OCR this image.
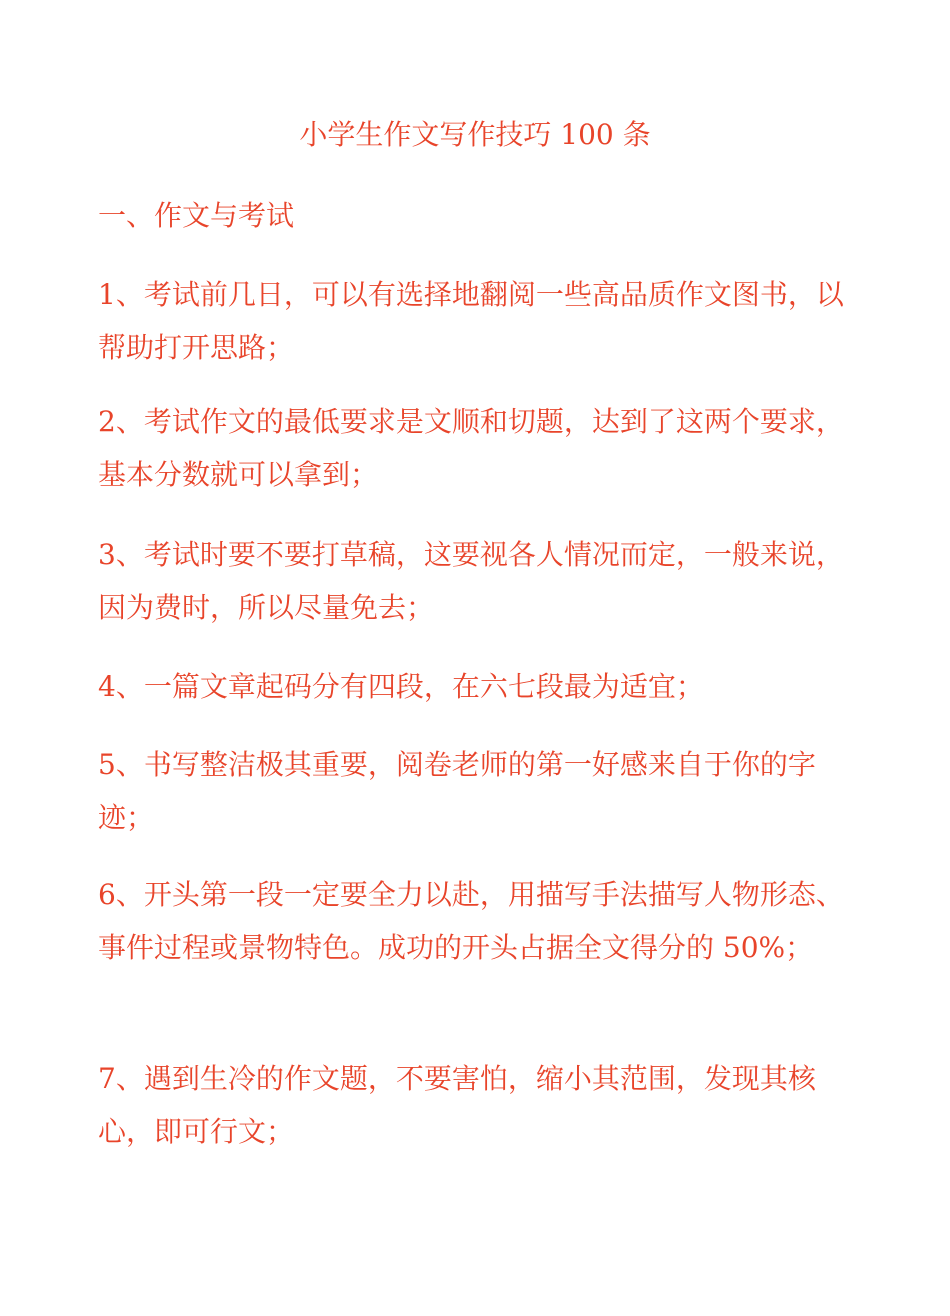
小学生作文写作技巧 100 条
一、作文与考试

1、考试前几日，可以有选择地翻阅一些高品质作文图书，以帮助打开思路；

2、考试作文的最低要求是文顺和切题，达到了这两个要求，基本分数就可以拿到；

3、考试时要不要打草稿，这要视各人情况而定，一般来说，因为费时，所以尽量免去；

4、一篇文章起码分有四段，在六七段最为适宜；

5、书写整洁极其重要，阅卷老师的第一好感来自于你的字迹；

6、开头第一段一定要全力以赴，用描写手法描写人物形态、事件过程或景物特色。成功的开头占据全文得分的 50%；

7、遇到生冷的作文题，不要害怕，缩小其范围，发现其核心，即可行文；
